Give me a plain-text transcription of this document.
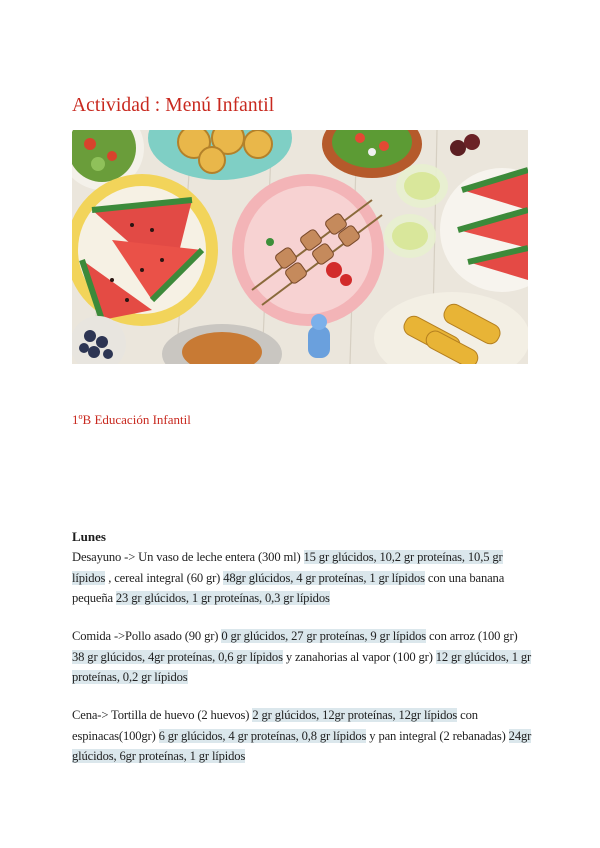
Actividad : Menú Infantil
1ºB Educación Infantil
Lunes
Desayuno -> Un vaso de leche entera (300 ml) 15 gr glúcidos, 10,2 gr proteínas, 10,5 gr lípidos , cereal integral (60 gr) 48gr glúcidos, 4 gr proteínas, 1 gr lípidos con una banana pequeña 23 gr glúcidos, 1 gr proteínas, 0,3 gr lípidos
Comida ->Pollo asado (90 gr) 0 gr glúcidos, 27 gr proteínas, 9 gr lípidos con arroz (100 gr) 38 gr glúcidos, 4gr proteínas, 0,6 gr lípidos y zanahorias al vapor (100 gr) 12 gr glúcidos, 1 gr proteínas, 0,2 gr lípidos
Cena-> Tortilla de huevo (2 huevos) 2 gr glúcidos, 12gr proteínas, 12gr lípidos con espinacas(100gr) 6 gr glúcidos, 4 gr proteínas, 0,8 gr lípidos y pan integral (2 rebanadas) 24gr glúcidos, 6gr proteínas, 1 gr lípidos
